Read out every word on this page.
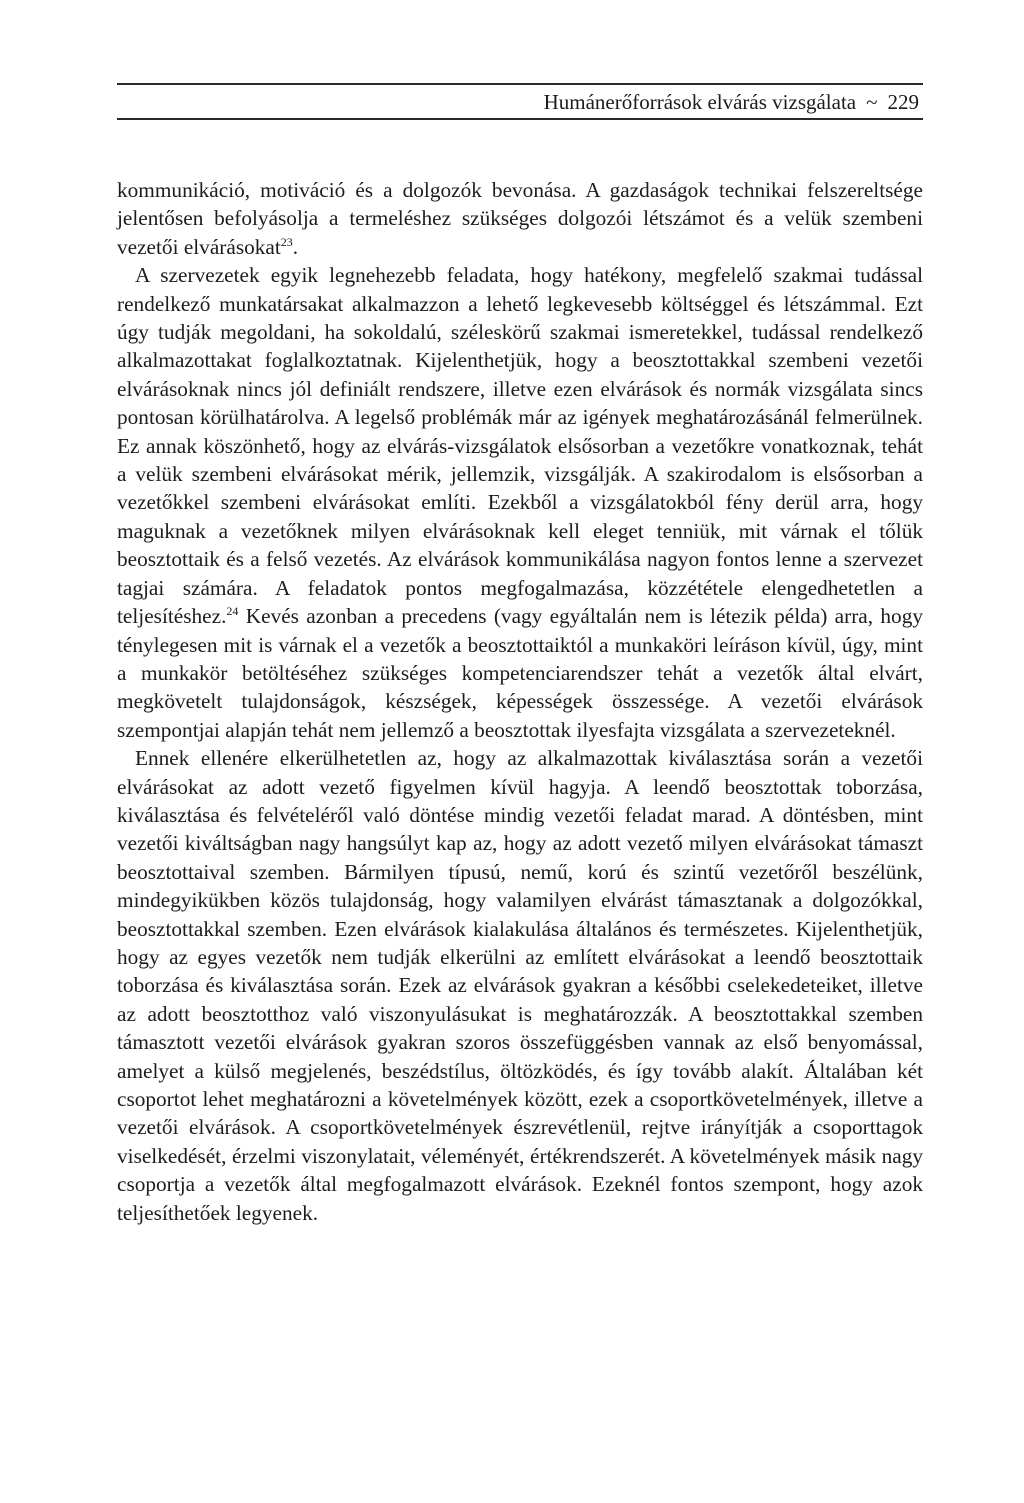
Humánerőforrások elvárás vizsgálata ~ 229

kommunikáció, motiváció és a dolgozók bevonása. A gazdaságok technikai felszereltsége jelentősen befolyásolja a termeléshez szükséges dolgozói létszámot és a velük szembeni vezetői elvárásokat$^{23}$.

A szervezetek egyik legnehezebb feladata, hogy hatékony, megfelelő szakmai tudással rendelkező munkatársakat alkalmazzon a lehető legkevesebb költséggel és létszámmal. Ezt úgy tudják megoldani, ha sokoldalú, széleskörű szakmai ismeretekkel, tudással rendelkező alkalmazottakat foglalkoztatnak. Kijelenthetjük, hogy a beosztottakkal szembeni vezetői elvárásoknak nincs jól definiált rendszere, illetve ezen elvárások és normák vizsgálata sincs pontosan körülhatárolva. A legelső problémák már az igények meghatározásánál felmerülnek. Ez annak köszönhető, hogy az elvárás-vizsgálatok elsősorban a vezetőkre vonatkoznak, tehát a velük szembeni elvárásokat mérik, jellemzik, vizsgálják. A szakirodalom is elsősorban a vezetőkkel szembeni elvárásokat említi. Ezekből a vizsgálatokból fény derül arra, hogy maguknak a vezetőknek milyen elvárásoknak kell eleget tenniük, mit várnak el tőlük beosztottaik és a felső vezetés. Az elvárások kommunikálása nagyon fontos lenne a szervezet tagjai számára. A feladatok pontos megfogalmazása, közzététele elengedhetetlen a teljesítéshez.$^{24}$ Kevés azonban a precedens (vagy egyáltalán nem is létezik példa) arra, hogy ténylegesen mit is várnak el a vezetők a beosztottaiktól a munkaköri leíráson kívül, úgy, mint a munkakör betöltéséhez szükséges kompetenciarendszer tehát a vezetők által elvárt, megkövetelt tulajdonságok, készségek, képességek összessége. A vezetői elvárások szempontjai alapján tehát nem jellemző a beosztottak ilyesfajta vizsgálata a szervezeteknél.

Ennek ellenére elkerülhetetlen az, hogy az alkalmazottak kiválasztása során a vezetői elvárásokat az adott vezető figyelmen kívül hagyja. A leendő beosztottak toborzása, kiválasztása és felvételéről való döntése mindig vezetői feladat marad. A döntésben, mint vezetői kiváltságban nagy hangsúlyt kap az, hogy az adott vezető milyen elvárásokat támaszt beosztottaival szemben. Bármilyen típusú, nemű, korú és szintű vezetőről beszélünk, mindegyikükben közös tulajdonság, hogy valamilyen elvárást támasztanak a dolgozókkal, beosztottakkal szemben. Ezen elvárások kialakulása általános és természetes. Kijelenthetjük, hogy az egyes vezetők nem tudják elkerülni az említett elvárásokat a leendő beosztottaik toborzása és kiválasztása során. Ezek az elvárások gyakran a későbbi cselekedeteiket, illetve az adott beosztotthoz való viszonyulásukat is meghatározzák. A beosztottakkal szemben támasztott vezetői elvárások gyakran szoros összefüggésben vannak az első benyomással, amelyet a külső megjelenés, beszédstílus, öltözködés, és így tovább alakít. Általában két csoportot lehet meghatározni a követelmények között, ezek a csoportkövetelmények, illetve a vezetői elvárások. A csoportkövetelmények észrevétlenül, rejtve irányítják a csoporttagok viselkedését, érzelmi viszonylatait, véleményét, értékrendszerét. A követelmények másik nagy csoportja a vezetők által megfogalmazott elvárások. Ezeknél fontos szempont, hogy azok teljesíthetőek legyenek.
